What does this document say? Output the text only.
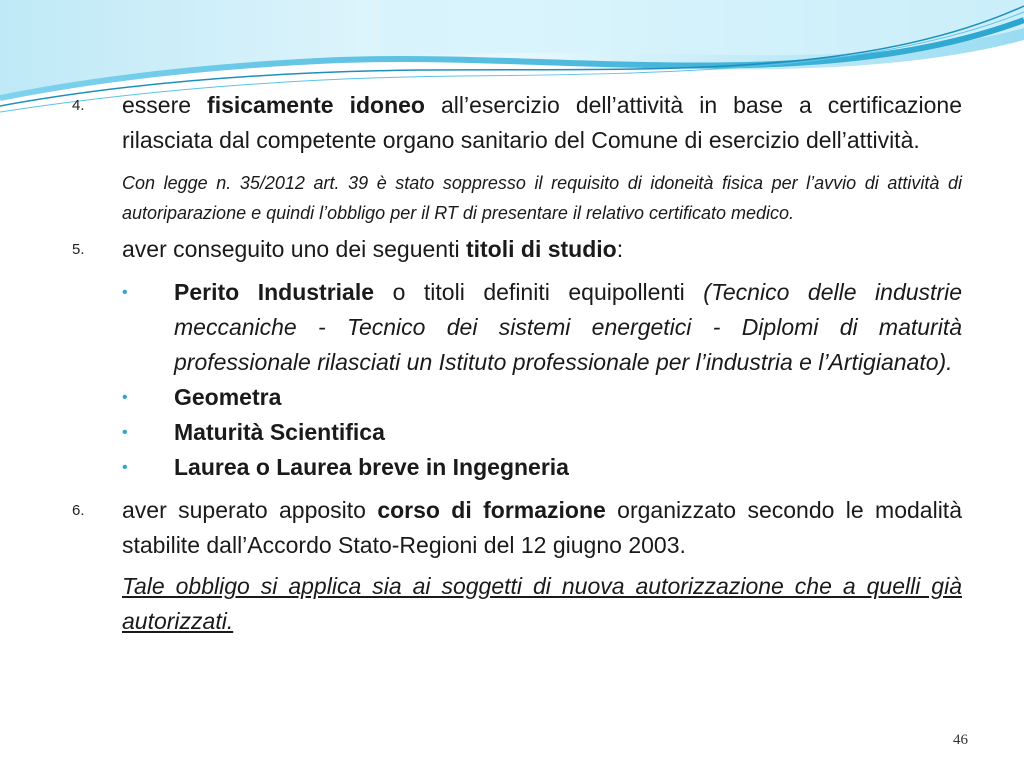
4. essere fisicamente idoneo all’esercizio dell’attività in base a certificazione rilasciata dal competente organo sanitario del Comune di esercizio dell’attività.
Con legge n. 35/2012 art. 39 è stato soppresso il requisito di idoneità fisica per l’avvio di attività di autoriparazione e quindi l’obbligo per il RT di presentare il relativo certificato medico.
5. aver conseguito uno dei seguenti titoli di studio:
• Perito Industriale o titoli definiti equipollenti (Tecnico delle industrie meccaniche - Tecnico dei sistemi energetici - Diplomi di maturità professionale rilasciati un Istituto professionale per l’industria e l’Artigianato).
• Geometra
• Maturità Scientifica
• Laurea o Laurea breve in Ingegneria
6. aver superato apposito corso di formazione organizzato secondo le modalità stabilite dall’Accordo Stato-Regioni del 12 giugno 2003.
Tale obbligo si applica sia ai soggetti di nuova autorizzazione che a quelli già autorizzati.
46
